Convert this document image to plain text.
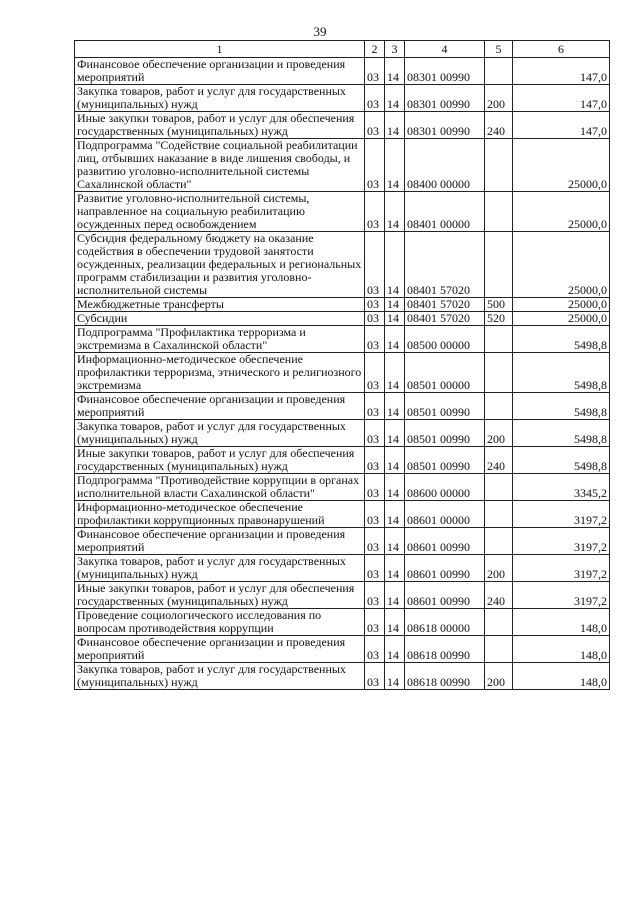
39
1	2	3	4	5	6
Финансовое обеспечение организации и проведения мероприятий	03	14	08301 00990		147,0
Закупка товаров, работ и услуг для государственных (муниципальных) нужд	03	14	08301 00990	200	147,0
Иные закупки товаров, работ и услуг для обеспечения государственных (муниципальных) нужд	03	14	08301 00990	240	147,0
Подпрограмма "Содействие социальной реабилитации лиц, отбывших наказание в виде лишения свободы, и развитию уголовно-исполнительной системы Сахалинской области"	03	14	08400 00000		25000,0
Развитие уголовно-исполнительной системы, направленное на социальную реабилитацию осужденных перед освобождением	03	14	08401 00000		25000,0
Субсидия федеральному бюджету на оказание содействия в обеспечении трудовой занятости осужденных, реализации федеральных и региональных программ стабилизации и развития уголовно-исполнительной системы	03	14	08401 57020		25000,0
Межбюджетные трансферты	03	14	08401 57020	500	25000,0
Субсидии	03	14	08401 57020	520	25000,0
Подпрограмма "Профилактика терроризма и экстремизма в Сахалинской области"	03	14	08500 00000		5498,8
Информационно-методическое обеспечение профилактики терроризма, этнического и религиозного экстремизма	03	14	08501 00000		5498,8
Финансовое обеспечение организации и проведения мероприятий	03	14	08501 00990		5498,8
Закупка товаров, работ и услуг для государственных (муниципальных) нужд	03	14	08501 00990	200	5498,8
Иные закупки товаров, работ и услуг для обеспечения государственных (муниципальных) нужд	03	14	08501 00990	240	5498,8
Подпрограмма "Противодействие коррупции в органах исполнительной власти Сахалинской области"	03	14	08600 00000		3345,2
Информационно-методическое обеспечение профилактики коррупционных правонарушений	03	14	08601 00000		3197,2
Финансовое обеспечение организации и проведения мероприятий	03	14	08601 00990		3197,2
Закупка товаров, работ и услуг для государственных (муниципальных) нужд	03	14	08601 00990	200	3197,2
Иные закупки товаров, работ и услуг для обеспечения государственных (муниципальных) нужд	03	14	08601 00990	240	3197,2
Проведение социологического исследования по вопросам противодействия коррупции	03	14	08618 00000		148,0
Финансовое обеспечение организации и проведения мероприятий	03	14	08618 00990		148,0
Закупка товаров, работ и услуг для государственных (муниципальных) нужд	03	14	08618 00990	200	148,0
